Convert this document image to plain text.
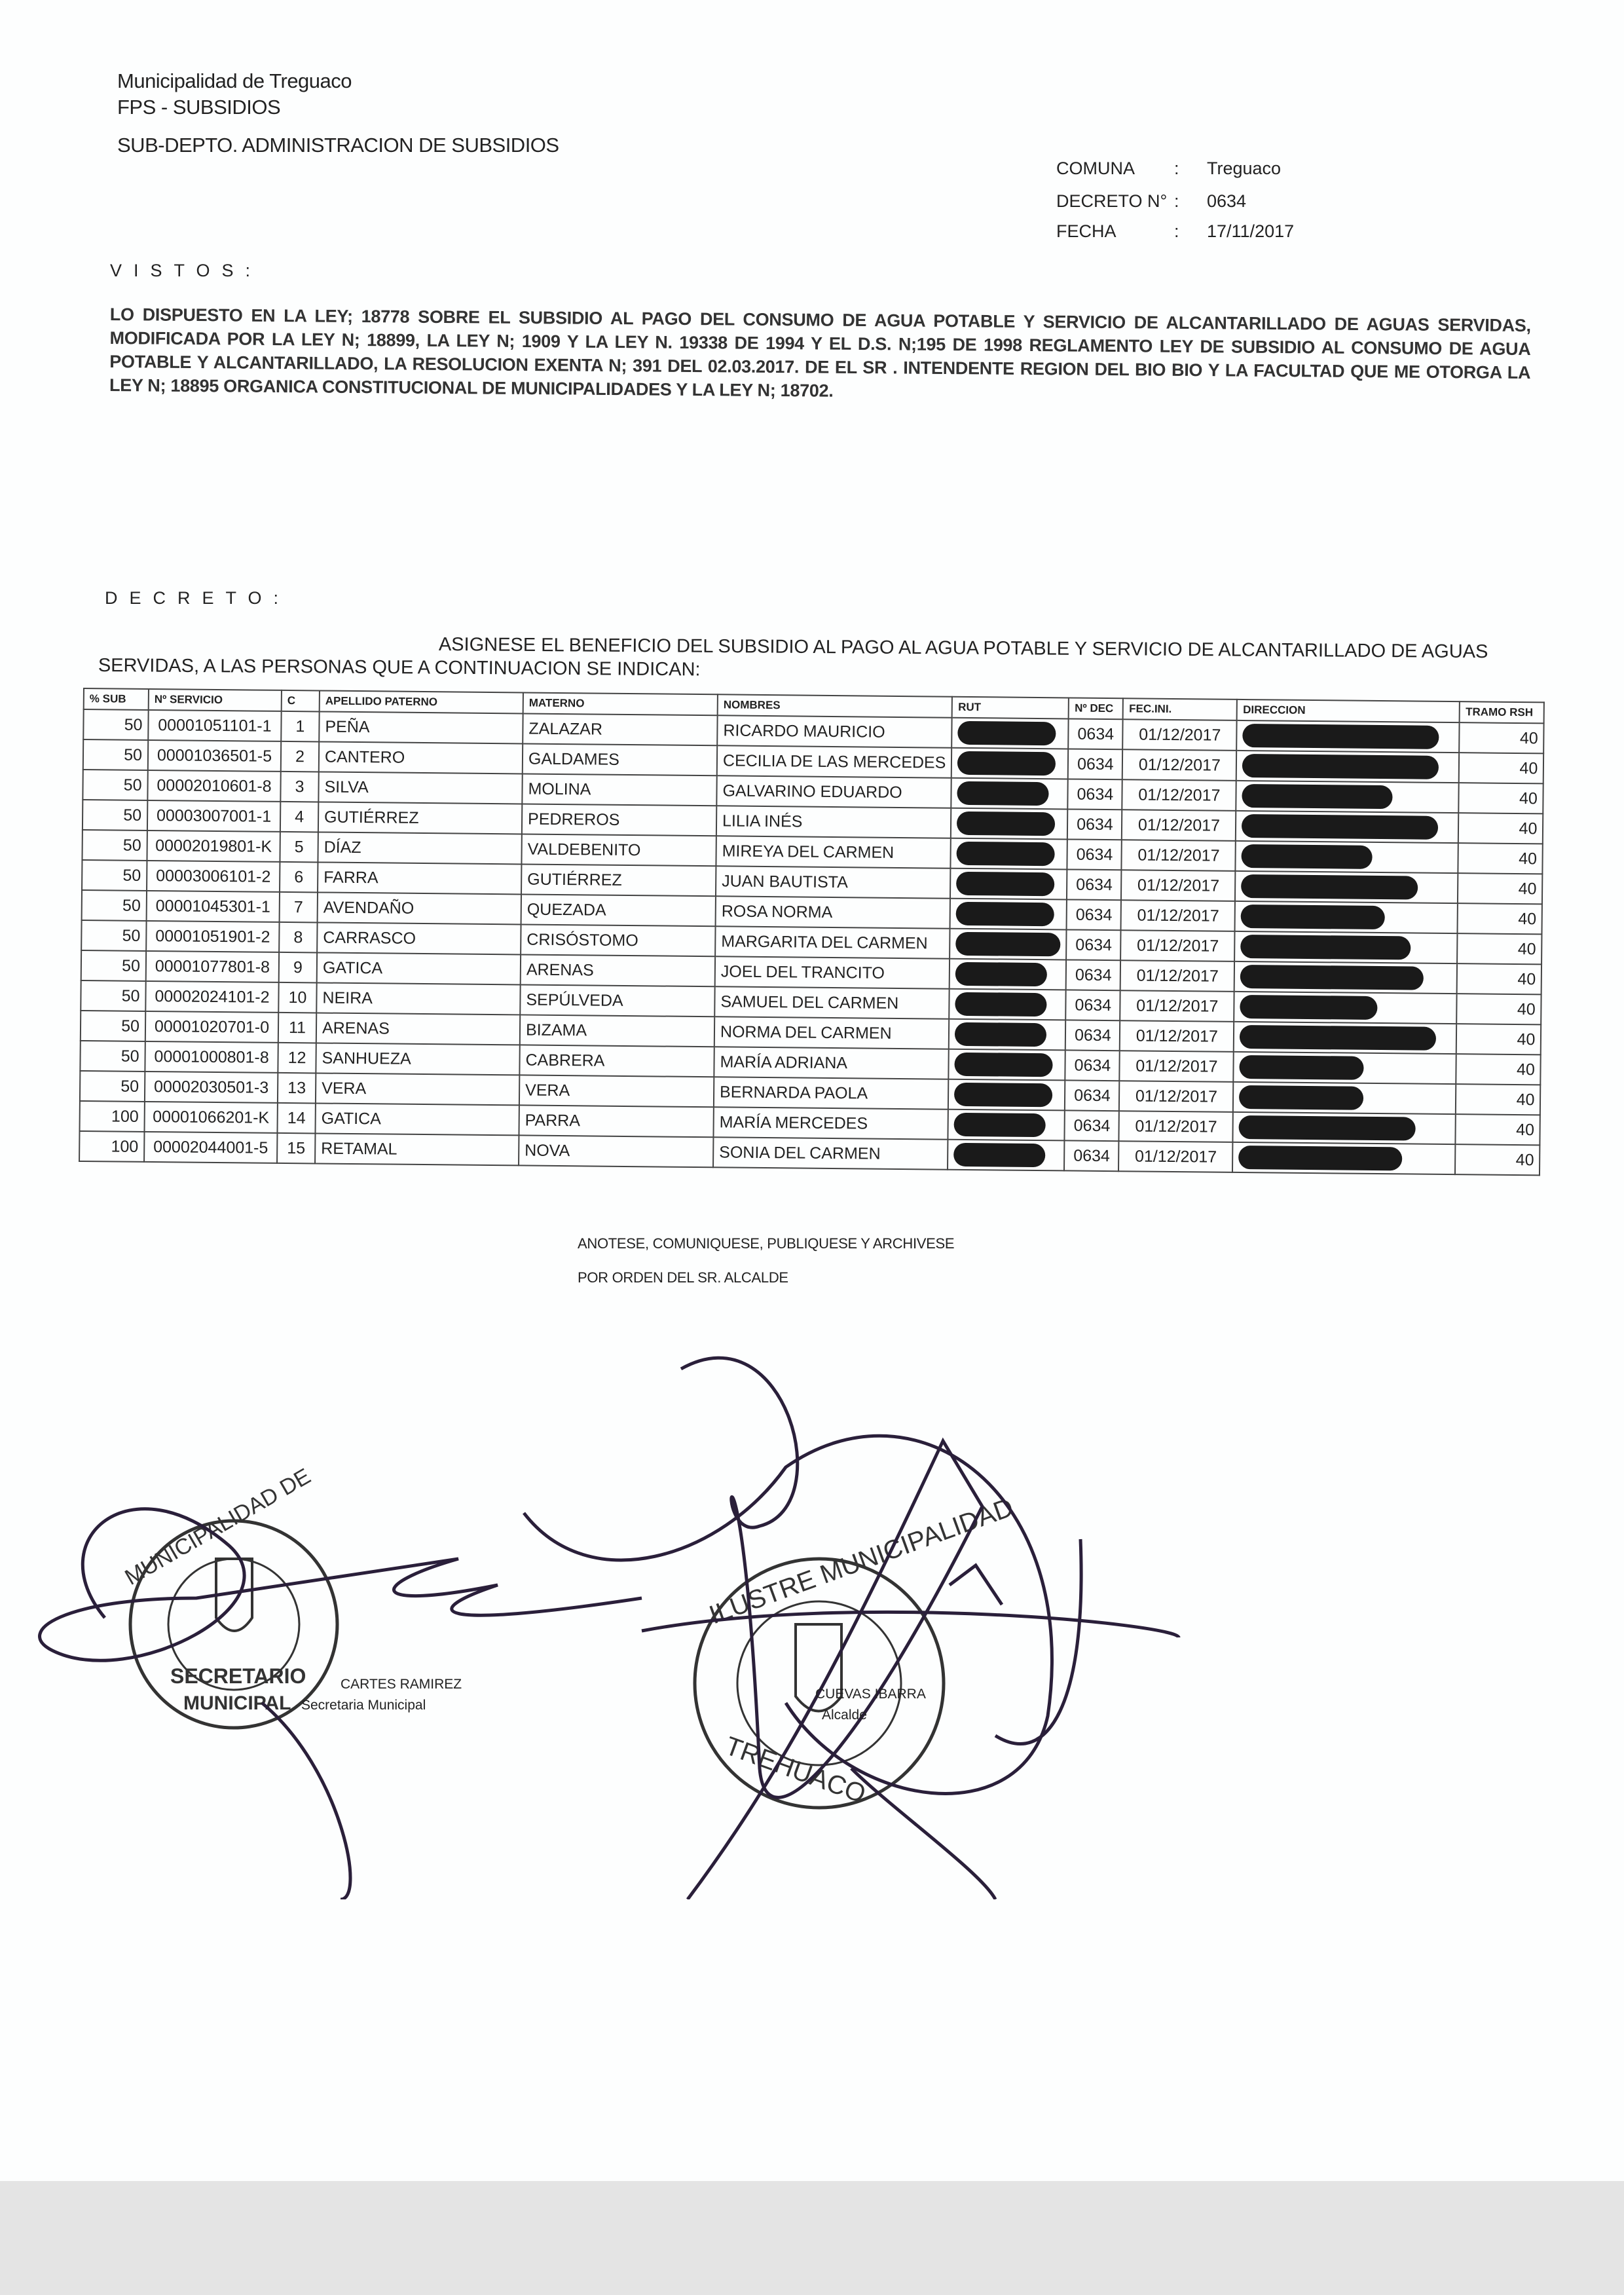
Municipalidad de Treguaco
FPS - SUBSIDIOS
SUB-DEPTO. ADMINISTRACION DE SUBSIDIOS
COMUNA	:	Treguaco
DECRETO N° :	0634
FECHA	:	17/11/2017
VISTOS:
LO DISPUESTO EN LA LEY; 18778 SOBRE EL SUBSIDIO AL PAGO DEL CONSUMO DE AGUA POTABLE Y SERVICIO DE ALCANTARILLADO DE AGUAS SERVIDAS, MODIFICADA POR LA LEY N; 18899, LA LEY N; 1909 Y LA LEY N. 19338 DE 1994 Y EL D.S. N;195 DE 1998 REGLAMENTO LEY DE SUBSIDIO AL CONSUMO DE AGUA POTABLE Y ALCANTARILLADO, LA RESOLUCION EXENTA N; 391 DEL 02.03.2017. DE EL SR . INTENDENTE REGION DEL BIO BIO Y LA FACULTAD QUE ME OTORGA LA LEY N; 18895 ORGANICA CONSTITUCIONAL DE MUNICIPALIDADES Y LA LEY N; 18702.
DECRETO:
ASIGNESE EL BENEFICIO DEL SUBSIDIO AL PAGO AL AGUA POTABLE Y SERVICIO DE ALCANTARILLADO DE AGUAS
SERVIDAS, A LAS PERSONAS QUE A CONTINUACION SE INDICAN:
% SUB	Nº SERVICIO	C	APELLIDO PATERNO	MATERNO	NOMBRES	RUT	Nº DEC	FEC.INI.	DIRECCION	TRAMO RSH
50	00001051101-1	1	PEÑA	ZALAZAR	RICARDO MAURICIO		0634	01/12/2017		40
50	00001036501-5	2	CANTERO	GALDAMES	CECILIA DE LAS MERCEDES		0634	01/12/2017		40
50	00002010601-8	3	SILVA	MOLINA	GALVARINO EDUARDO		0634	01/12/2017		40
50	00003007001-1	4	GUTIÉRREZ	PEDREROS	LILIA INÉS		0634	01/12/2017		40
50	00002019801-K	5	DÍAZ	VALDEBENITO	MIREYA DEL CARMEN		0634	01/12/2017		40
50	00003006101-2	6	FARRA	GUTIÉRREZ	JUAN BAUTISTA		0634	01/12/2017		40
50	00001045301-1	7	AVENDAÑO	QUEZADA	ROSA NORMA		0634	01/12/2017		40
50	00001051901-2	8	CARRASCO	CRISÓSTOMO	MARGARITA DEL CARMEN		0634	01/12/2017		40
50	00001077801-8	9	GATICA	ARENAS	JOEL DEL TRANCITO		0634	01/12/2017		40
50	00002024101-2	10	NEIRA	SEPÚLVEDA	SAMUEL DEL CARMEN		0634	01/12/2017		40
50	00001020701-0	11	ARENAS	BIZAMA	NORMA DEL CARMEN		0634	01/12/2017		40
50	00001000801-8	12	SANHUEZA	CABRERA	MARÍA ADRIANA		0634	01/12/2017		40
50	00002030501-3	13	VERA	VERA	BERNARDA PAOLA		0634	01/12/2017		40
100	00001066201-K	14	GATICA	PARRA	MARÍA MERCEDES		0634	01/12/2017		40
100	00002044001-5	15	RETAMAL	NOVA	SONIA DEL CARMEN		0634	01/12/2017		40
ANOTESE, COMUNIQUESE, PUBLIQUESE Y ARCHIVESE
POR ORDEN DEL SR. ALCALDE
MUNICIPALIDAD DE
SECRETARIO
MUNICIPAL
ILUSTRE MUNICIPALIDAD
TREHUACO
CARTES RAMIREZ
Secretaria Municipal
CUEVAS IBARRA
Alcalde
